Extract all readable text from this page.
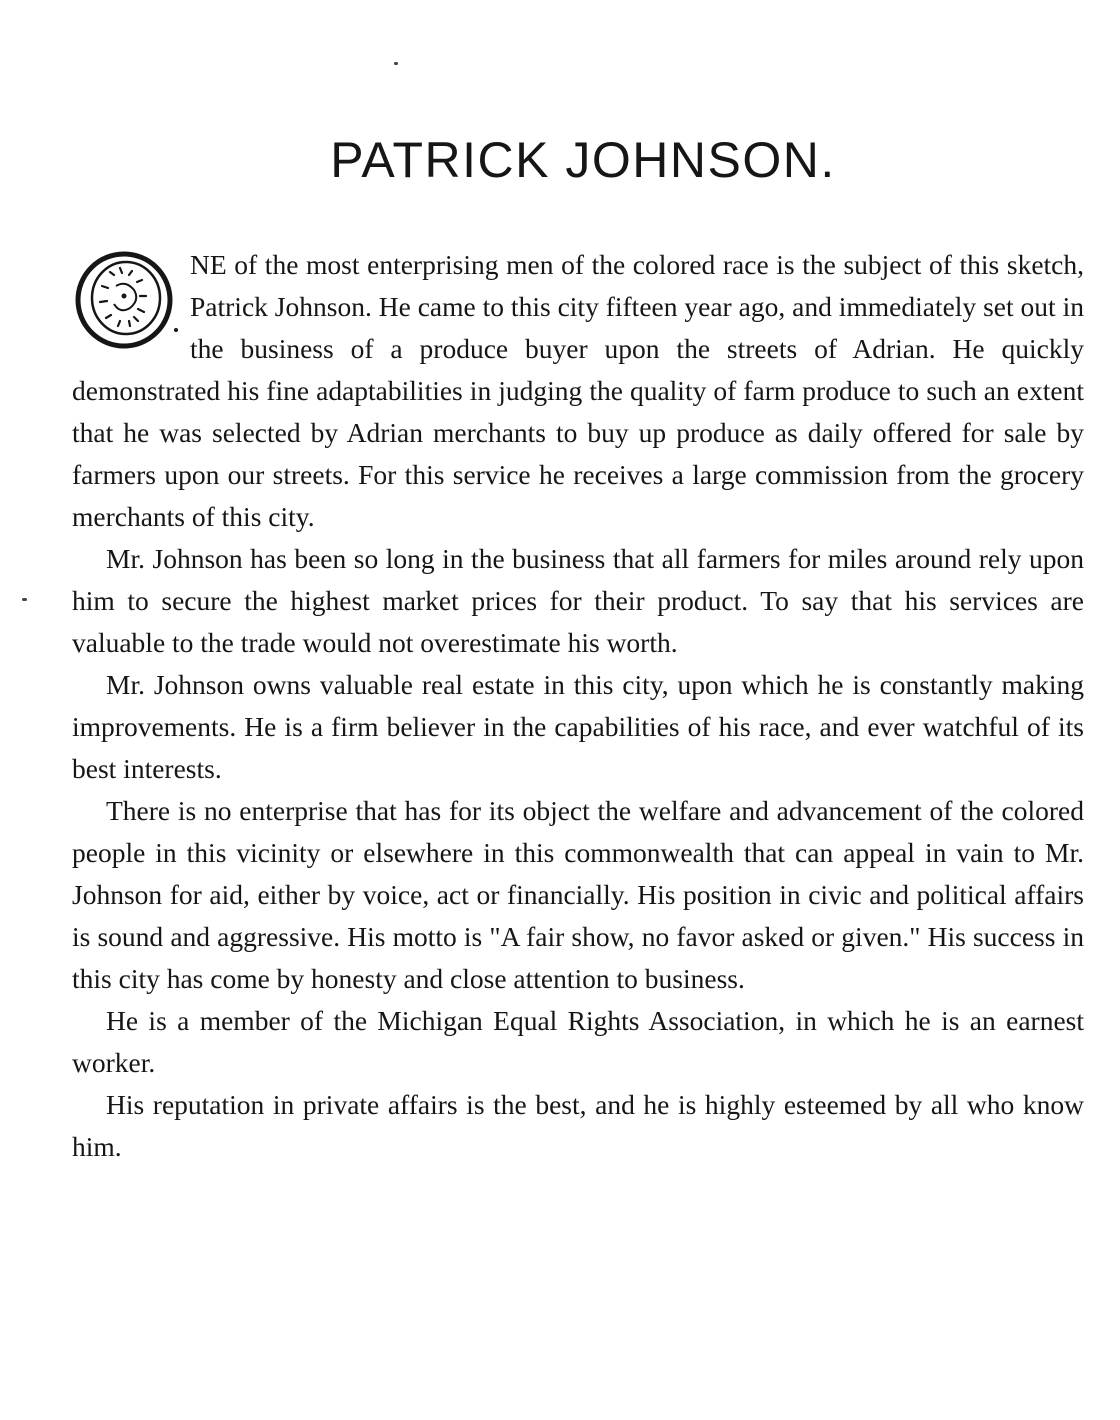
PATRICK JOHNSON.

NE of the most enterprising men of the colored race is the subject of this sketch, Patrick Johnson. He came to this city fifteen year ago, and immediately set out in the business of a produce buyer upon the streets of Adrian. He quickly demonstrated his fine adaptabilities in judging the quality of farm produce to such an extent that he was selected by Adrian merchants to buy up produce as daily offered for sale by farmers upon our streets. For this service he receives a large commission from the grocery merchants of this city.

Mr. Johnson has been so long in the business that all farmers for miles around rely upon him to secure the highest market prices for their product. To say that his services are valuable to the trade would not overestimate his worth.

Mr. Johnson owns valuable real estate in this city, upon which he is constantly making improvements. He is a firm believer in the capabilities of his race, and ever watchful of its best interests.

There is no enterprise that has for its object the welfare and advancement of the colored people in this vicinity or elsewhere in this commonwealth that can appeal in vain to Mr. Johnson for aid, either by voice, act or financially. His position in civic and political affairs is sound and aggressive. His motto is "A fair show, no favor asked or given." His success in this city has come by honesty and close attention to business.

He is a member of the Michigan Equal Rights Association, in which he is an earnest worker.

His reputation in private affairs is the best, and he is highly esteemed by all who know him.
